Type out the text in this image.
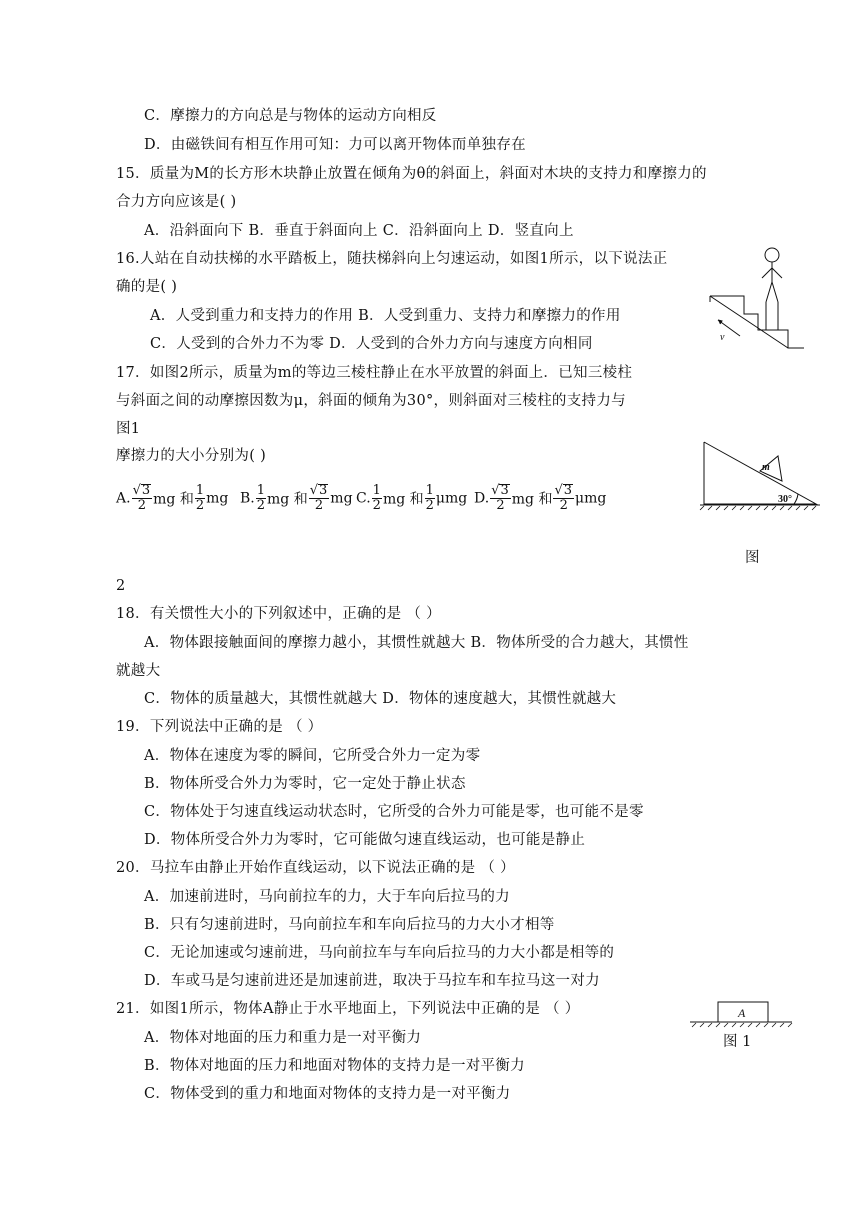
C．摩擦力的方向总是与物体的运动方向相反
D．由磁铁间有相互作用可知：力可以离开物体而单独存在
15．质量为M的长方形木块静止放置在倾角为θ的斜面上，斜面对木块的支持力和摩擦力的
合力方向应该是( )
A．沿斜面向下 B．垂直于斜面向上 C．沿斜面向上 D．竖直向上
16.人站在自动扶梯的水平踏板上，随扶梯斜向上匀速运动，如图1所示，以下说法正
确的是( )
A．人受到重力和支持力的作用 B．人受到重力、支持力和摩擦力的作用
C．人受到的合外力不为零 D．人受到的合外力方向与速度方向相同
17．如图2所示，质量为m的等边三棱柱静止在水平放置的斜面上．已知三棱柱
与斜面之间的动摩擦因数为μ，斜面的倾角为30°，则斜面对三棱柱的支持力与
图1
摩擦力的大小分别为( )
A. $\frac{√3}{2}$ mg 和 $\frac{1}{2}$ mg B. $\frac{1}{2}$ mg 和 $\frac{√3}{2}$ mg C. $\frac{1}{2}$ mg 和 $\frac{1}{2}$ μmg D. $\frac{√3}{2}$ mg 和 $\frac{√3}{2}$ μmg
图
2
18．有关惯性大小的下列叙述中，正确的是 （ ）
A．物体跟接触面间的摩擦力越小，其惯性就越大 B．物体所受的合力越大，其惯性
就越大
C．物体的质量越大，其惯性就越大 D．物体的速度越大，其惯性就越大
19．下列说法中正确的是 （ ）
A．物体在速度为零的瞬间，它所受合外力一定为零
B．物体所受合外力为零时，它一定处于静止状态
C．物体处于匀速直线运动状态时，它所受的合外力可能是零，也可能不是零
D．物体所受合外力为零时，它可能做匀速直线运动，也可能是静止
20．马拉车由静止开始作直线运动，以下说法正确的是 （ ）
A．加速前进时，马向前拉车的力，大于车向后拉马的力
B．只有匀速前进时，马向前拉车和车向后拉马的力大小才相等
C．无论加速或匀速前进，马向前拉车与车向后拉马的力大小都是相等的
D．车或马是匀速前进还是加速前进，取决于马拉车和车拉马这一对力
21．如图1所示，物体A静止于水平地面上，下列说法中正确的是 （ ）
A．物体对地面的压力和重力是一对平衡力
B．物体对地面的压力和地面对物体的支持力是一对平衡力
C．物体受到的重力和地面对物体的支持力是一对平衡力
v
m
30°
A
图 1
